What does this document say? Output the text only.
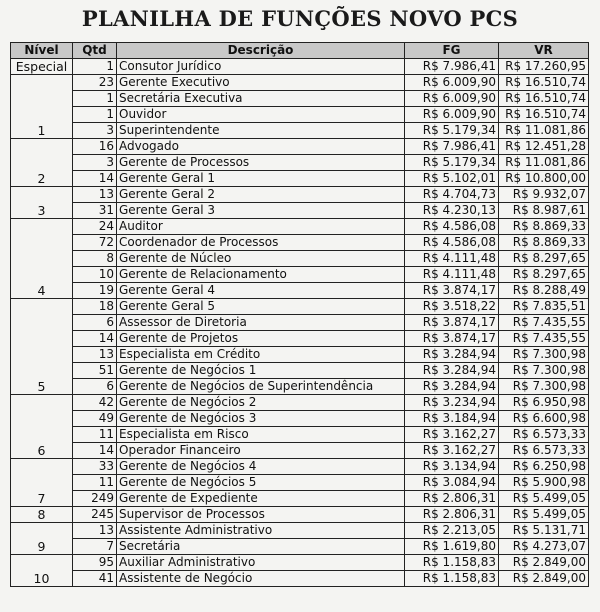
PLANILHA DE FUNÇÕES NOVO PCS
Nível	Qtd	Descrição	FG	VR
Especial	1	Consutor Jurídico	R$ 7.986,41	R$ 17.260,95
1	23	Gerente Executivo	R$ 6.009,90	R$ 16.510,74
	1	Secretária Executiva	R$ 6.009,90	R$ 16.510,74
	1	Ouvidor	R$ 6.009,90	R$ 16.510,74
	3	Superintendente	R$ 5.179,34	R$ 11.081,86
2	16	Advogado	R$ 7.986,41	R$ 12.451,28
	3	Gerente de Processos	R$ 5.179,34	R$ 11.081,86
	14	Gerente Geral 1	R$ 5.102,01	R$ 10.800,00
3	13	Gerente Geral 2	R$ 4.704,73	R$ 9.932,07
	31	Gerente Geral 3	R$ 4.230,13	R$ 8.987,61
4	24	Auditor	R$ 4.586,08	R$ 8.869,33
	72	Coordenador de Processos	R$ 4.586,08	R$ 8.869,33
	8	Gerente de Núcleo	R$ 4.111,48	R$ 8.297,65
	10	Gerente de Relacionamento	R$ 4.111,48	R$ 8.297,65
	19	Gerente Geral 4	R$ 3.874,17	R$ 8.288,49
5	18	Gerente Geral 5	R$ 3.518,22	R$ 7.835,51
	6	Assessor de Diretoria	R$ 3.874,17	R$ 7.435,55
	14	Gerente de Projetos	R$ 3.874,17	R$ 7.435,55
	13	Especialista em Crédito	R$ 3.284,94	R$ 7.300,98
	51	Gerente de Negócios 1	R$ 3.284,94	R$ 7.300,98
	6	Gerente de Negócios de Superintendência	R$ 3.284,94	R$ 7.300,98
6	42	Gerente de Negócios 2	R$ 3.234,94	R$ 6.950,98
	49	Gerente de Negócios 3	R$ 3.184,94	R$ 6.600,98
	11	Especialista em Risco	R$ 3.162,27	R$ 6.573,33
	14	Operador Financeiro	R$ 3.162,27	R$ 6.573,33
7	33	Gerente de Negócios 4	R$ 3.134,94	R$ 6.250,98
	11	Gerente de Negócios 5	R$ 3.084,94	R$ 5.900,98
	249	Gerente de Expediente	R$ 2.806,31	R$ 5.499,05
8	245	Supervisor de Processos	R$ 2.806,31	R$ 5.499,05
9	13	Assistente Administrativo	R$ 2.213,05	R$ 5.131,71
	7	Secretária	R$ 1.619,80	R$ 4.273,07
10	95	Auxiliar Administrativo	R$ 1.158,83	R$ 2.849,00
	41	Assistente de Negócio	R$ 1.158,83	R$ 2.849,00
